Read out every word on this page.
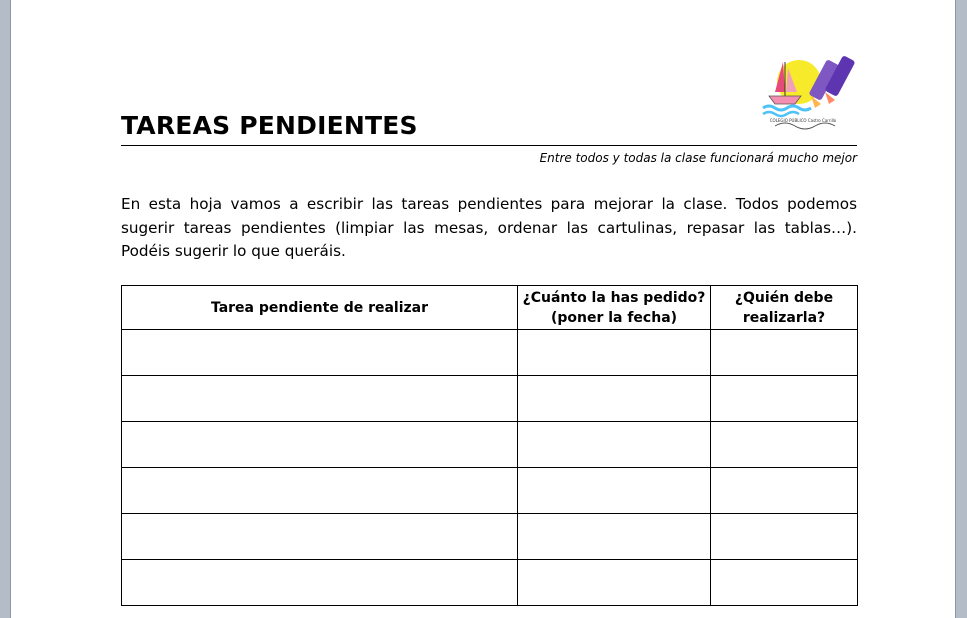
COLEGIO PÚBLICO Castro Carrillo
TAREAS PENDIENTES
Entre todos y todas la clase funcionará mucho mejor
En esta hoja vamos a escribir las tareas pendientes para mejorar la clase. Todos podemos sugerir tareas pendientes (limpiar las mesas, ordenar las cartulinas, repasar las tablas…). Podéis sugerir lo que queráis.
Tarea pendiente de realizar	¿Cuánto la has pedido? (poner la fecha)	¿Quién debe realizarla?
